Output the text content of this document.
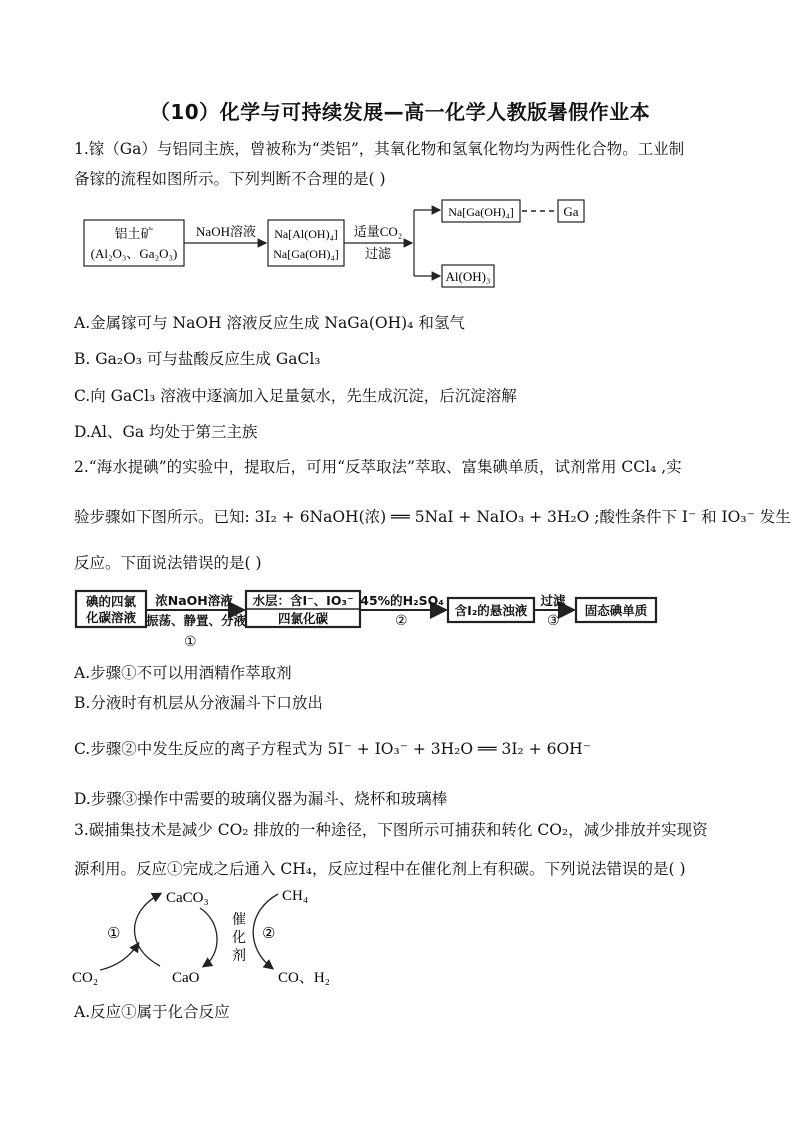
（10）化学与可持续发展—高一化学人教版暑假作业本
1.镓（Ga）与铝同主族，曾被称为“类铝”，其氧化物和氢氧化物均为两性化合物。工业制
备镓的流程如图所示。下列判断不合理的是( )
铝土矿
(Al₂O₃、Ga₂O₃)
NaOH溶液 Na[Al(OH)₄]
Na[Ga(OH)₄]
适量CO₂
过滤
Na[Ga(OH)₄]	Ga
Al(OH)₃
A.金属镓可与 NaOH 溶液反应生成 NaGa(OH)₄ 和氢气
B. Ga₂O₃ 可与盐酸反应生成 GaCl₃
C.向 GaCl₃ 溶液中逐滴加入足量氨水，先生成沉淀，后沉淀溶解
D.Al、Ga 均处于第三主族
2.“海水提碘”的实验中，提取后，可用“反萃取法”萃取、富集碘单质，试剂常用 CCl₄ ,实
验步骤如下图所示。已知: 3I₂ + 6NaOH(浓) ══ 5NaI + NaIO₃ + 3H₂O ;酸性条件下 I⁻ 和 IO₃⁻ 发生
反应。下面说法错误的是( )
碘的四氯
化碳溶液
浓NaOH溶液
振荡、静置、分液
水层：含I⁻、IO₃⁻
四氯化碳
45%的H₂SO₄
含I₂的悬浊液
过滤
固态碘单质
①
②	③
A.步骤①不可以用酒精作萃取剂
B.分液时有机层从分液漏斗下口放出
C.步骤②中发生反应的离子方程式为 5I⁻ + IO₃⁻ + 3H₂O ══ 3I₂ + 6OH⁻
D.步骤③操作中需要的玻璃仪器为漏斗、烧杯和玻璃棒
3.碳捕集技术是减少 CO₂ 排放的一种途径，下图所示可捕获和转化 CO₂，减少排放并实现资
源利用。反应①完成之后通入 CH₄，反应过程中在催化剂上有积碳。下列说法错误的是( )
CaCO₃	CH₄
①	②
催
化
剂
CO₂	CaO	CO、H₂
A.反应①属于化合反应
